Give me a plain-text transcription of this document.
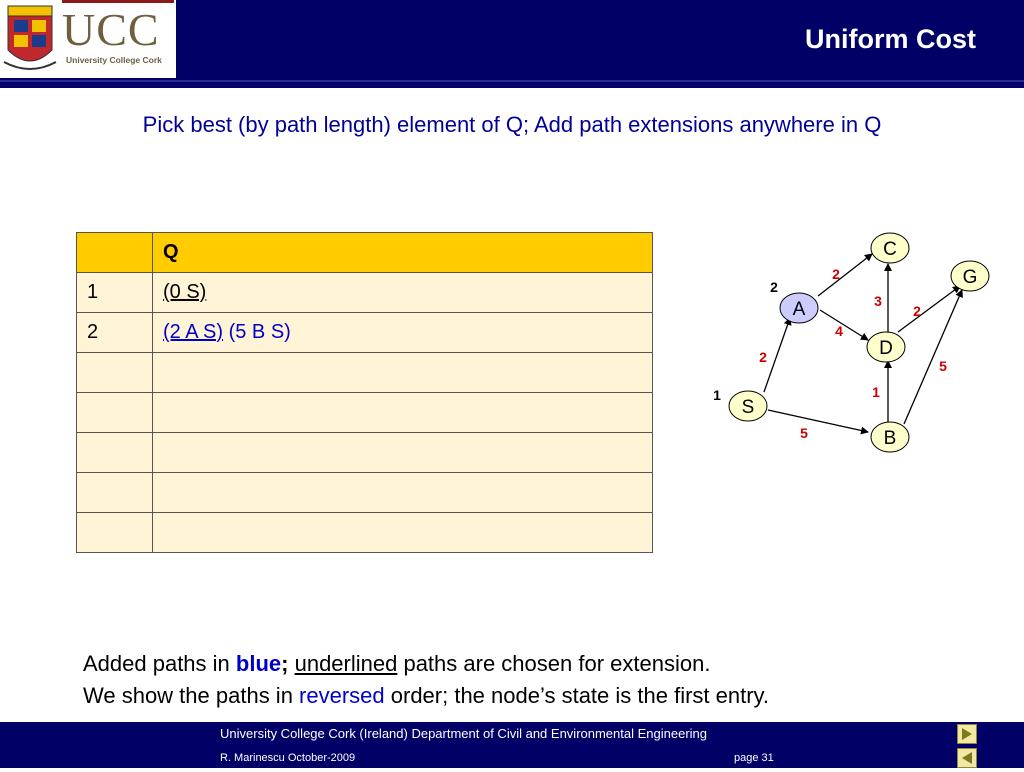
UCC
University College Cork
Uniform Cost
Pick best (by path length) element of Q; Add path extensions anywhere in Q
	Q
1	(0 S)
2	(2 A S) (5 B S)

C
G
A
D
S
B
2
1
2
4
2
3
2
1
5
5
Added paths in blue; underlined paths are chosen for extension.
We show the paths in reversed order; the node’s state is the first entry.
University College Cork (Ireland) Department of Civil and Environmental Engineering
R. Marinescu October-2009	page 31
